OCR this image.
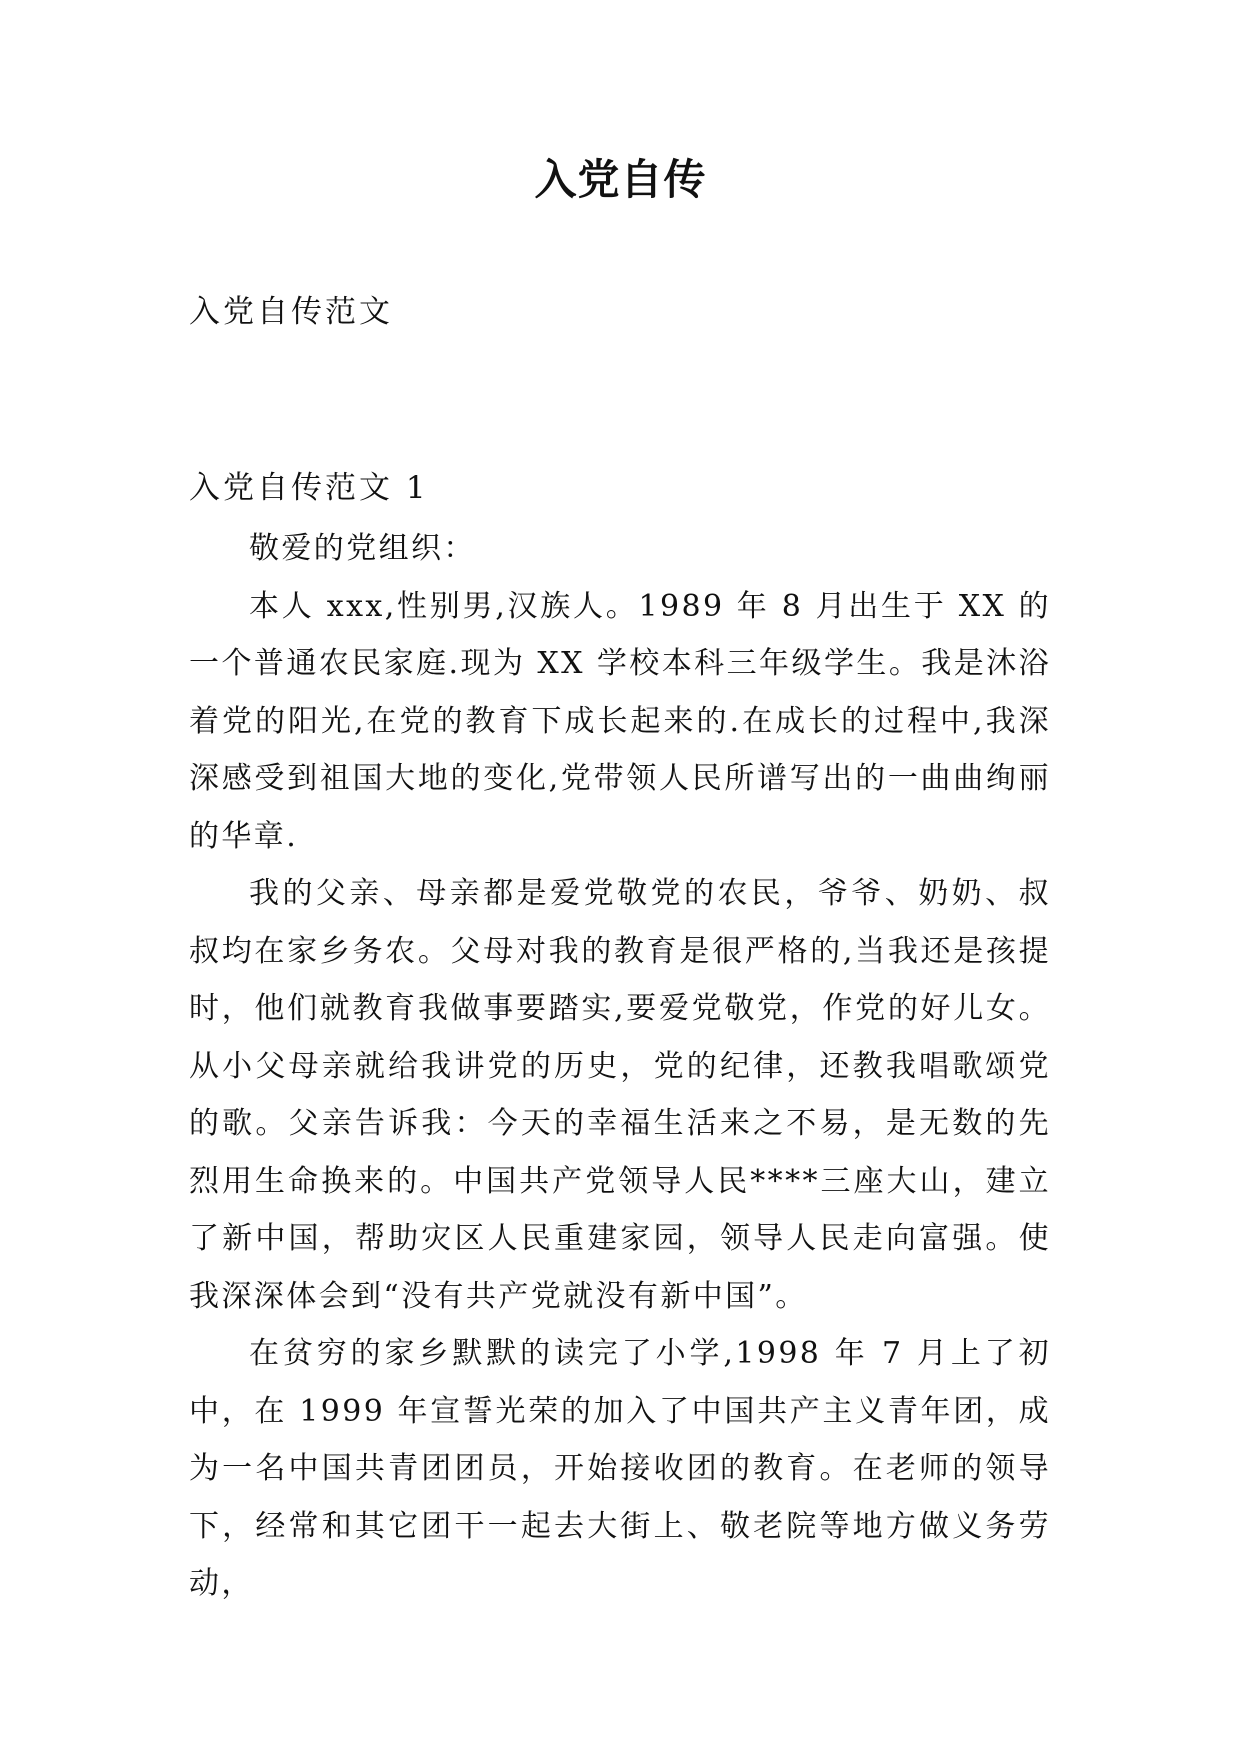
入党自传

入党自传范文

入党自传范文 1

敬爱的党组织：

本人 xxx,性别男,汉族人。1989 年 8 月出生于 XX 的一个普通农民家庭.现为 XX 学校本科三年级学生。我是沐浴着党的阳光,在党的教育下成长起来的.在成长的过程中,我深深感受到祖国大地的变化,党带领人民所谱写出的一曲曲绚丽的华章.

我的父亲、母亲都是爱党敬党的农民，爷爷、奶奶、叔叔均在家乡务农。父母对我的教育是很严格的,当我还是孩提时，他们就教育我做事要踏实,要爱党敬党，作党的好儿女。从小父母亲就给我讲党的历史，党的纪律，还教我唱歌颂党的歌。父亲告诉我：今天的幸福生活来之不易，是无数的先烈用生命换来的。中国共产党领导人民****三座大山，建立了新中国，帮助灾区人民重建家园，领导人民走向富强。使我深深体会到“没有共产党就没有新中国”。

在贫穷的家乡默默的读完了小学,1998 年 7 月上了初中，在 1999 年宣誓光荣的加入了中国共产主义青年团，成为一名中国共青团团员，开始接收团的教育。在老师的领导下，经常和其它团干一起去大街上、敬老院等地方做义务劳动，
